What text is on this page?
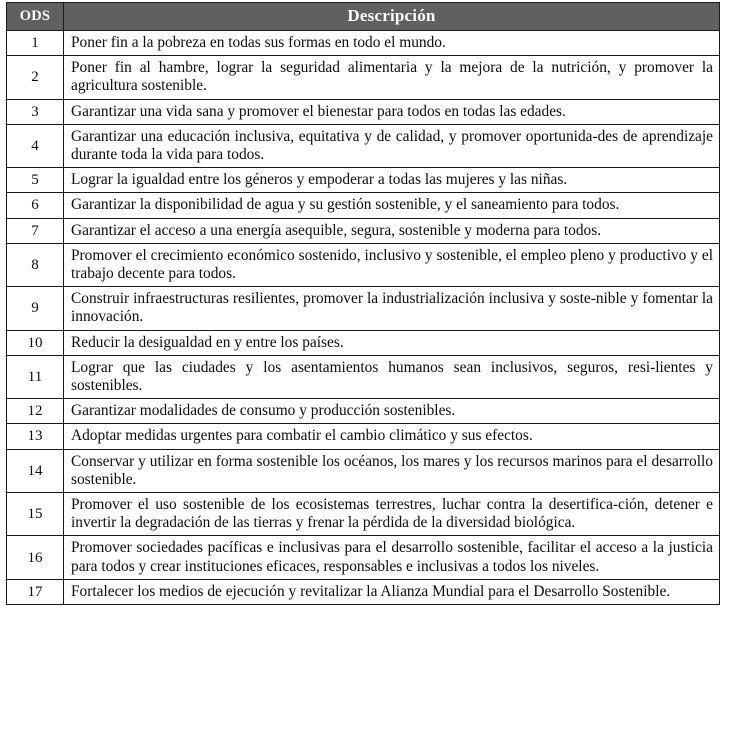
ODS	Descripción
1	Poner fin a la pobreza en todas sus formas en todo el mundo.
2	Poner fin al hambre, lograr la seguridad alimentaria y la mejora de la nutrición, y promover la agricultura sostenible.
3	Garantizar una vida sana y promover el bienestar para todos en todas las edades.
4	Garantizar una educación inclusiva, equitativa y de calidad, y promover oportunida-des de aprendizaje durante toda la vida para todos.
5	Lograr la igualdad entre los géneros y empoderar a todas las mujeres y las niñas.
6	Garantizar la disponibilidad de agua y su gestión sostenible, y el saneamiento para todos.
7	Garantizar el acceso a una energía asequible, segura, sostenible y moderna para todos.
8	Promover el crecimiento económico sostenido, inclusivo y sostenible, el empleo pleno y productivo y el trabajo decente para todos.
9	Construir infraestructuras resilientes, promover la industrialización inclusiva y soste-nible y fomentar la innovación.
10	Reducir la desigualdad en y entre los países.
11	Lograr que las ciudades y los asentamientos humanos sean inclusivos, seguros, resi-lientes y sostenibles.
12	Garantizar modalidades de consumo y producción sostenibles.
13	Adoptar medidas urgentes para combatir el cambio climático y sus efectos.
14	Conservar y utilizar en forma sostenible los océanos, los mares y los recursos marinos para el desarrollo sostenible.
15	Promover el uso sostenible de los ecosistemas terrestres, luchar contra la desertifica-ción, detener e invertir la degradación de las tierras y frenar la pérdida de la diversidad biológica.
16	Promover sociedades pacíficas e inclusivas para el desarrollo sostenible, facilitar el acceso a la justicia para todos y crear instituciones eficaces, responsables e inclusivas a todos los niveles.
17	Fortalecer los medios de ejecución y revitalizar la Alianza Mundial para el Desarrollo Sostenible.
